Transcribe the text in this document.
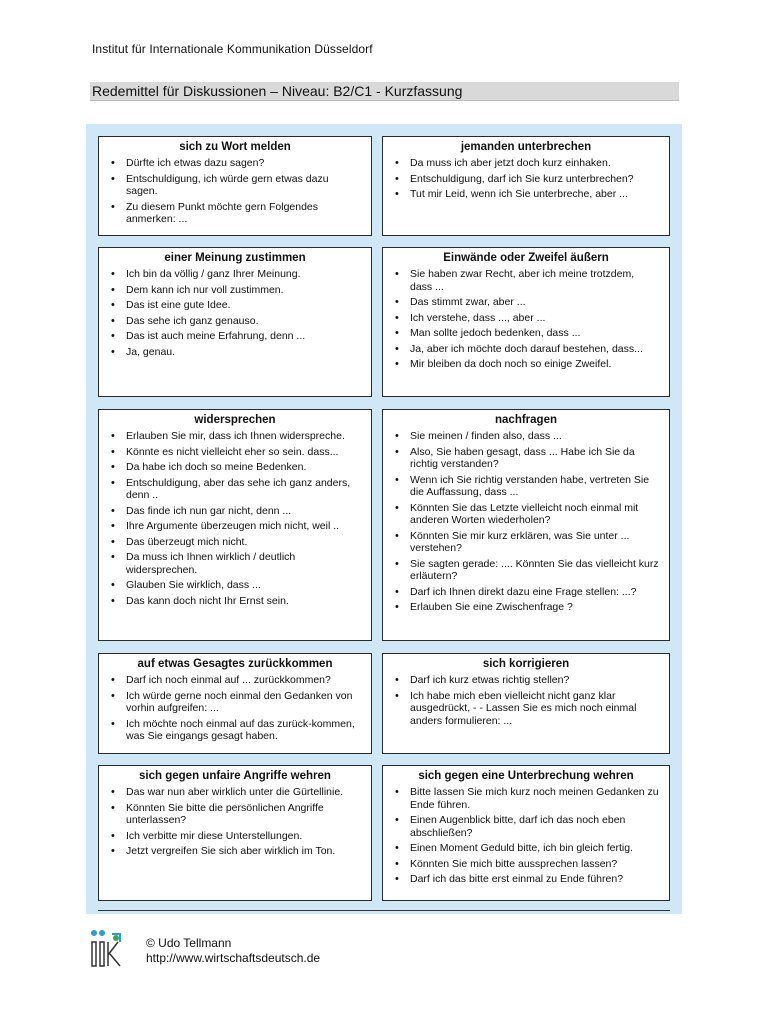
Institut für Internationale Kommunikation Düsseldorf
Redemittel für Diskussionen – Niveau: B2/C1 - Kurzfassung
sich zu Wort melden
• Dürfte ich etwas dazu sagen?
• Entschuldigung, ich würde gern etwas dazu sagen.
• Zu diesem Punkt möchte gern Folgendes anmerken: ...
jemanden unterbrechen
• Da muss ich aber jetzt doch kurz einhaken.
• Entschuldigung, darf ich Sie kurz unterbrechen?
• Tut mir Leid, wenn ich Sie unterbreche, aber ...
einer Meinung zustimmen
• Ich bin da völlig / ganz Ihrer Meinung.
• Dem kann ich nur voll zustimmen.
• Das ist eine gute Idee.
• Das sehe ich ganz genauso.
• Das ist auch meine Erfahrung, denn ...
• Ja, genau.
Einwände oder Zweifel äußern
• Sie haben zwar Recht, aber ich meine trotzdem, dass ...
• Das stimmt zwar, aber ...
• Ich verstehe, dass ..., aber ...
• Man sollte jedoch bedenken, dass ...
• Ja, aber ich möchte doch darauf bestehen, dass...
• Mir bleiben da doch noch so einige Zweifel.
widersprechen
• Erlauben Sie mir, dass ich Ihnen widerspreche.
• Könnte es nicht vielleicht eher so sein. dass...
• Da habe ich doch so meine Bedenken.
• Entschuldigung, aber das sehe ich ganz anders, denn ..
• Das finde ich nun gar nicht, denn ...
• Ihre Argumente überzeugen mich nicht, weil ..
• Das überzeugt mich nicht.
• Da muss ich Ihnen wirklich / deutlich widersprechen.
• Glauben Sie wirklich, dass ...
• Das kann doch nicht Ihr Ernst sein.
nachfragen
• Sie meinen / finden also, dass ...
• Also, Sie haben gesagt, dass ... Habe ich Sie da richtig verstanden?
• Wenn ich Sie richtig verstanden habe, vertreten Sie die Auffassung, dass ...
• Könnten Sie das Letzte vielleicht noch einmal mit anderen Worten wiederholen?
• Könnten Sie mir kurz erklären, was Sie unter ... verstehen?
• Sie sagten gerade: .... Könnten Sie das vielleicht kurz erläutern?
• Darf ich Ihnen direkt dazu eine Frage stellen: ...?
• Erlauben Sie eine Zwischenfrage ?
auf etwas Gesagtes zurückkommen
• Darf ich noch einmal auf ... zurückkommen?
• Ich würde gerne noch einmal den Gedanken von vorhin aufgreifen: ...
• Ich möchte noch einmal auf das zurück-kommen, was Sie eingangs gesagt haben.
sich korrigieren
• Darf ich kurz etwas richtig stellen?
• Ich habe mich eben vielleicht nicht ganz klar ausgedrückt, - - Lassen Sie es mich noch einmal anders formulieren: ...
sich gegen unfaire Angriffe wehren
• Das war nun aber wirklich unter die Gürtellinie.
• Könnten Sie bitte die persönlichen Angriffe unterlassen?
• Ich verbitte mir diese Unterstellungen.
• Jetzt vergreifen Sie sich aber wirklich im Ton.
sich gegen eine Unterbrechung wehren
• Bitte lassen Sie mich kurz noch meinen Gedanken zu Ende führen.
• Einen Augenblick bitte, darf ich das noch eben abschließen?
• Einen Moment Geduld bitte, ich bin gleich fertig.
• Könnten Sie mich bitte aussprechen lassen?
• Darf ich das bitte erst einmal zu Ende führen?
© Udo Tellmann
http://www.wirtschaftsdeutsch.de
